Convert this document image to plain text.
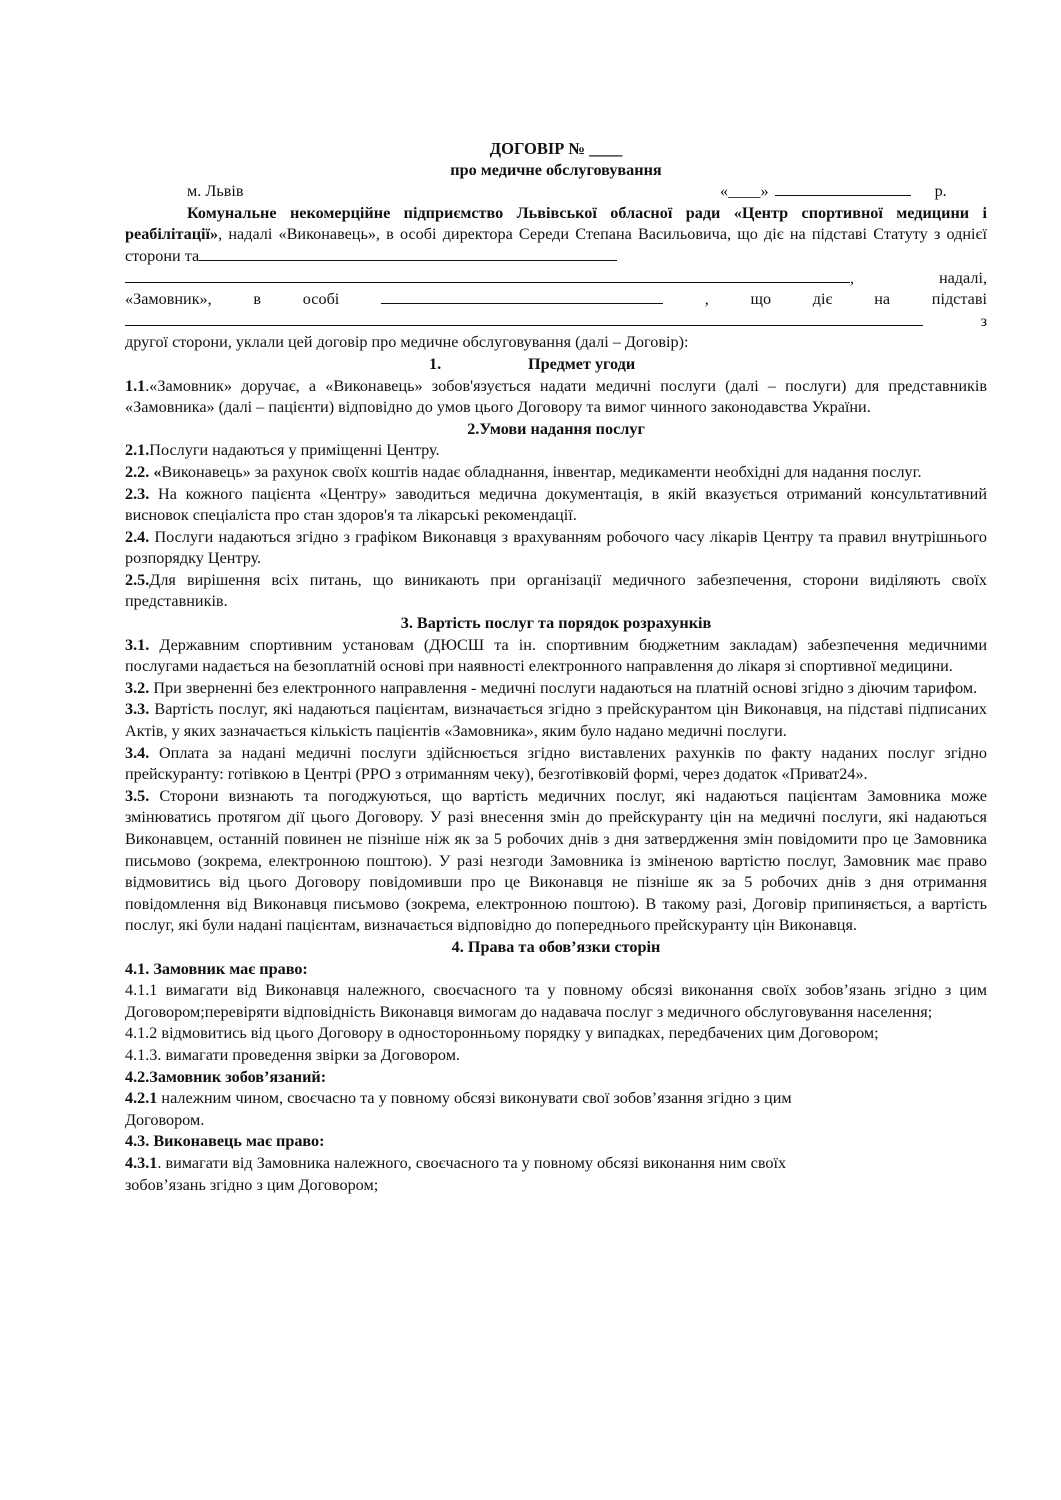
ДОГОВІР № ____

про медичне обслуговування

м. Львів	«____»	р.

Комунальне некомерційне підприємство Львівської обласної ради «Центр спортивної медицини і реабілітації», надалі «Виконавець», в особі директора Середи Степана Васильовича, що діє на підставі Статуту з однієї сторони та

,	надалі,
«Замовник»,	в	особі	,	що	діє	на	підставі
з

другої сторони, уклали цей договір про медичне обслуговування (далі – Договір):

1.	Предмет угоди

1.1.«Замовник» доручає, а «Виконавець» зобов'язується надати медичні послуги (далі – послуги) для представників «Замовника» (далі – пацієнти) відповідно до умов цього Договору та вимог чинного законодавства України.

2.Умови надання послуг

2.1.Послуги надаються у приміщенні Центру.

2.2. «Виконавець» за рахунок своїх коштів надає обладнання, інвентар, медикаменти необхідні для надання послуг.

2.3. На кожного пацієнта «Центру» заводиться медична документація, в якій вказується отриманий консультативний висновок спеціаліста про стан здоров'я та лікарські рекомендації.

2.4. Послуги надаються згідно з графіком Виконавця з врахуванням робочого часу лікарів Центру та правил внутрішнього розпорядку Центру.

2.5.Для вирішення всіх питань, що виникають при організації медичного забезпечення, сторони виділяють своїх представників.

3. Вартість послуг та порядок розрахунків

3.1. Державним спортивним установам (ДЮСШ та ін. спортивним бюджетним закладам) забезпечення медичними послугами надається на безоплатній основі при наявності електронного направлення до лікаря зі спортивної медицини.

3.2. При зверненні без електронного направлення - медичні послуги надаються на платній основі згідно з діючим тарифом.

3.3. Вартість послуг, які надаються пацієнтам, визначається згідно з прейскурантом цін Виконавця, на підставі підписаних Актів, у яких зазначається кількість пацієнтів «Замовника», яким було надано медичні послуги.

3.4. Оплата за надані медичні послуги здійснюється згідно виставлених рахунків по факту наданих послуг згідно прейскуранту: готівкою в Центрі (РРО з отриманням чеку), безготівковій формі, через додаток «Приват24».

3.5. Сторони визнають та погоджуються, що вартість медичних послуг, які надаються пацієнтам Замовника може змінюватись протягом дії цього Договору. У разі внесення змін до прейскуранту цін на медичні послуги, які надаються Виконавцем, останній повинен не пізніше ніж як за 5 робочих днів з дня затвердження змін повідомити про це Замовника письмово (зокрема, електронною поштою). У разі незгоди Замовника із зміненою вартістю послуг, Замовник має право відмовитись від цього Договору повідомивши про це Виконавця не пізніше як за 5 робочих днів з дня отримання повідомлення від Виконавця письмово (зокрема, електронною поштою). В такому разі, Договір припиняється, а вартість послуг, які були надані пацієнтам, визначається відповідно до попереднього прейскуранту цін Виконавця.

4. Права та обов’язки сторін

4.1. Замовник має право:

4.1.1 вимагати від Виконавця належного, своєчасного та у повному обсязі виконання своїх зобов’язань згідно з цим Договором;перевіряти відповідність Виконавця вимогам до надавача послуг з медичного обслуговування населення;

4.1.2 відмовитись від цього Договору в односторонньому порядку у випадках, передбачених цим Договором;

4.1.3. вимагати проведення звірки за Договором.

4.2.Замовник зобов’язаний:

4.2.1 належним чином, своєчасно та у повному обсязі виконувати свої зобов’язання згідно з цим

Договором.

4.3. Виконавець має право:

4.3.1. вимагати від Замовника належного, своєчасного та у повному обсязі виконання ним своїх

зобов’язань згідно з цим Договором;
